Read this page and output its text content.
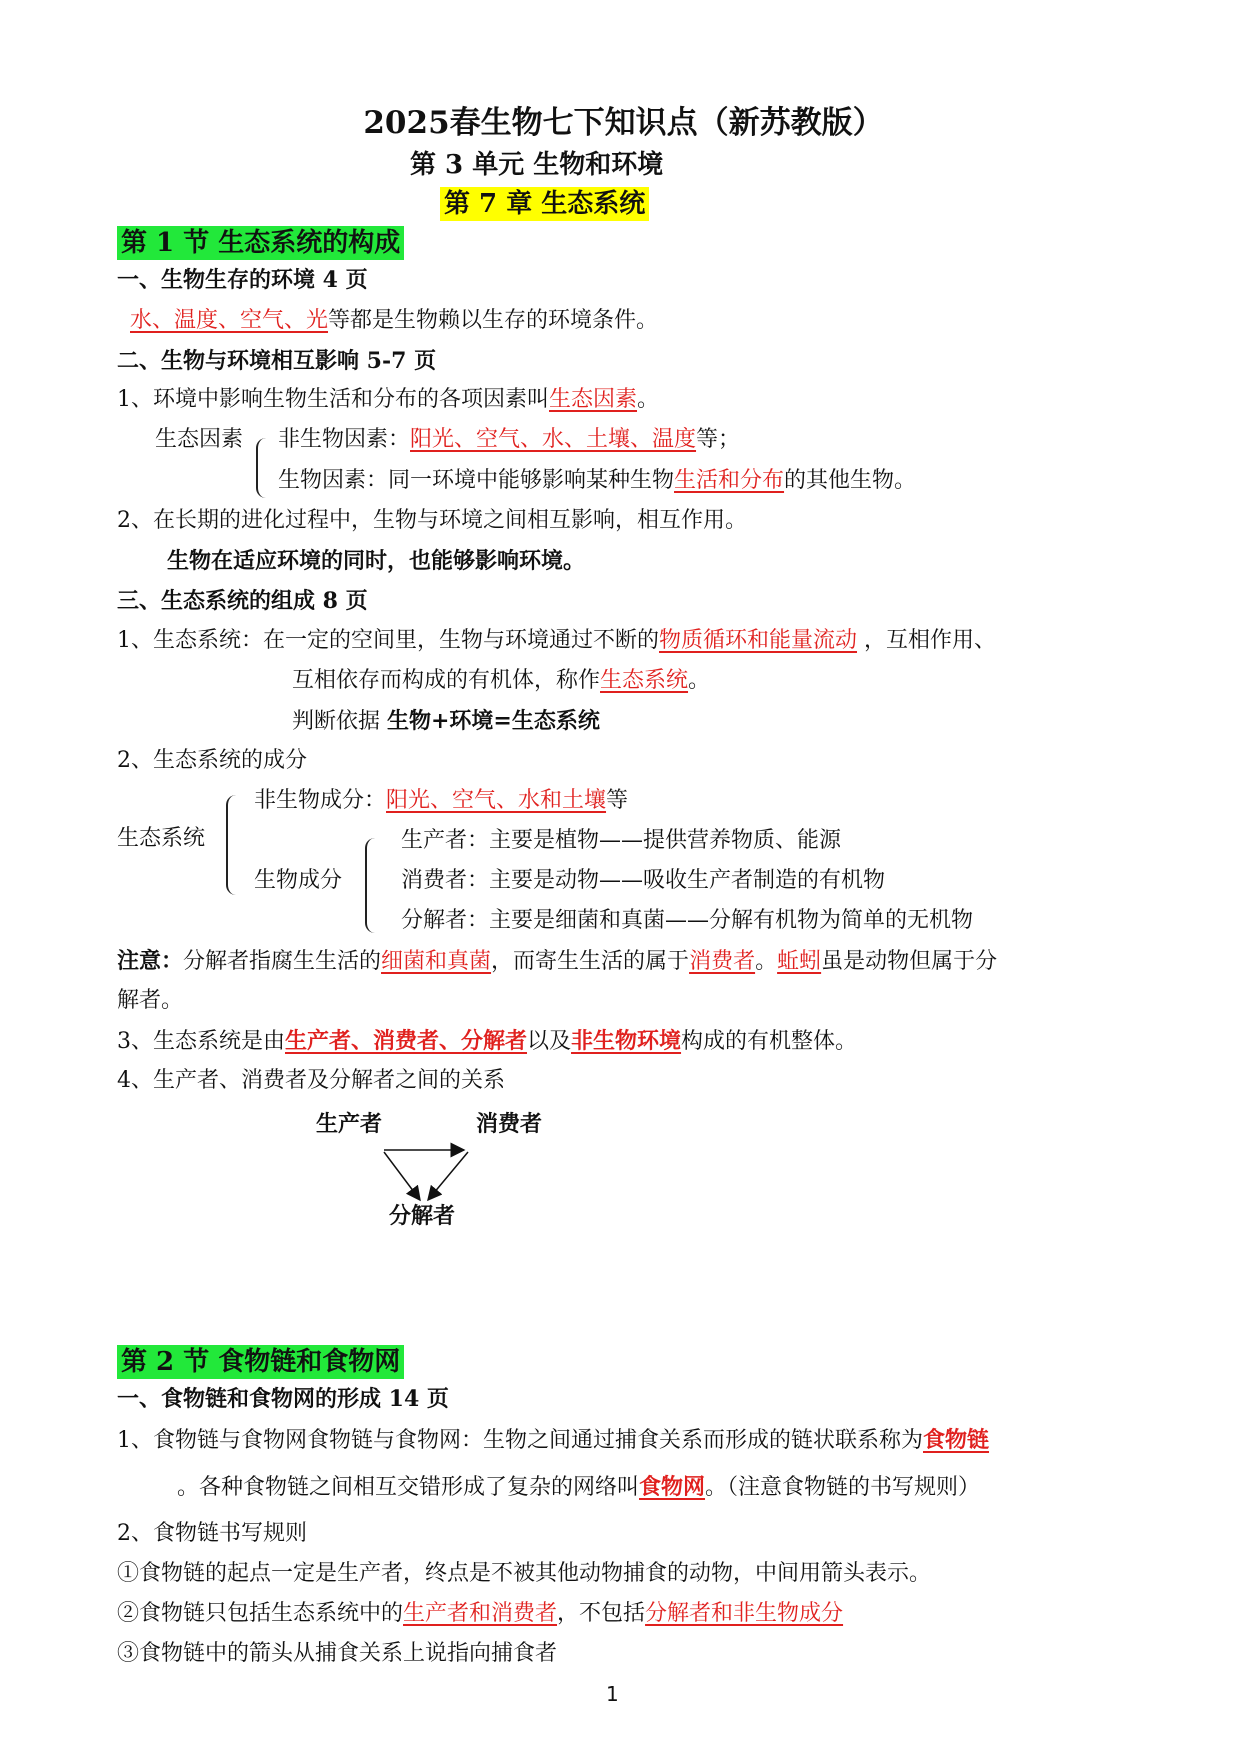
2025春生物七下知识点（新苏教版）
第 3 单元 生物和环境
第 7 章 生态系统
第 1 节 生态系统的构成
一、生物生存的环境 4 页
水、温度、空气、光等都是生物赖以生存的环境条件。
二、生物与环境相互影响 5-7 页
1、环境中影响生物生活和分布的各项因素叫生态因素。
生态因素 非生物因素：阳光、空气、水、土壤、温度等；
生物因素：同一环境中能够影响某种生物生活和分布的其他生物。
2、在长期的进化过程中，生物与环境之间相互影响，相互作用。
生物在适应环境的同时，也能够影响环境。
三、生态系统的组成 8 页
1、生态系统：在一定的空间里，生物与环境通过不断的物质循环和能量流动 ，互相作用、
互相依存而构成的有机体，称作生态系统。
判断依据 生物+环境=生态系统
2、生态系统的成分
生态系统
非生物成分：阳光、空气、水和土壤等
生物成分
生产者：主要是植物——提供营养物质、能源
消费者：主要是动物——吸收生产者制造的有机物
分解者：主要是细菌和真菌——分解有机物为简单的无机物
注意：分解者指腐生生活的细菌和真菌，而寄生生活的属于消费者。蚯蚓虽是动物但属于分
解者。
3、生态系统是由生产者、消费者、分解者以及非生物环境构成的有机整体。
4、生产者、消费者及分解者之间的关系
生产者	消费者
分解者
第 2 节 食物链和食物网
一、食物链和食物网的形成 14 页
1、食物链与食物网食物链与食物网：生物之间通过捕食关系而形成的链状联系称为食物链
。各种食物链之间相互交错形成了复杂的网络叫食物网。（注意食物链的书写规则）
2、食物链书写规则
①食物链的起点一定是生产者，终点是不被其他动物捕食的动物，中间用箭头表示。
②食物链只包括生态系统中的生产者和消费者，不包括分解者和非生物成分
③食物链中的箭头从捕食关系上说指向捕食者
1
